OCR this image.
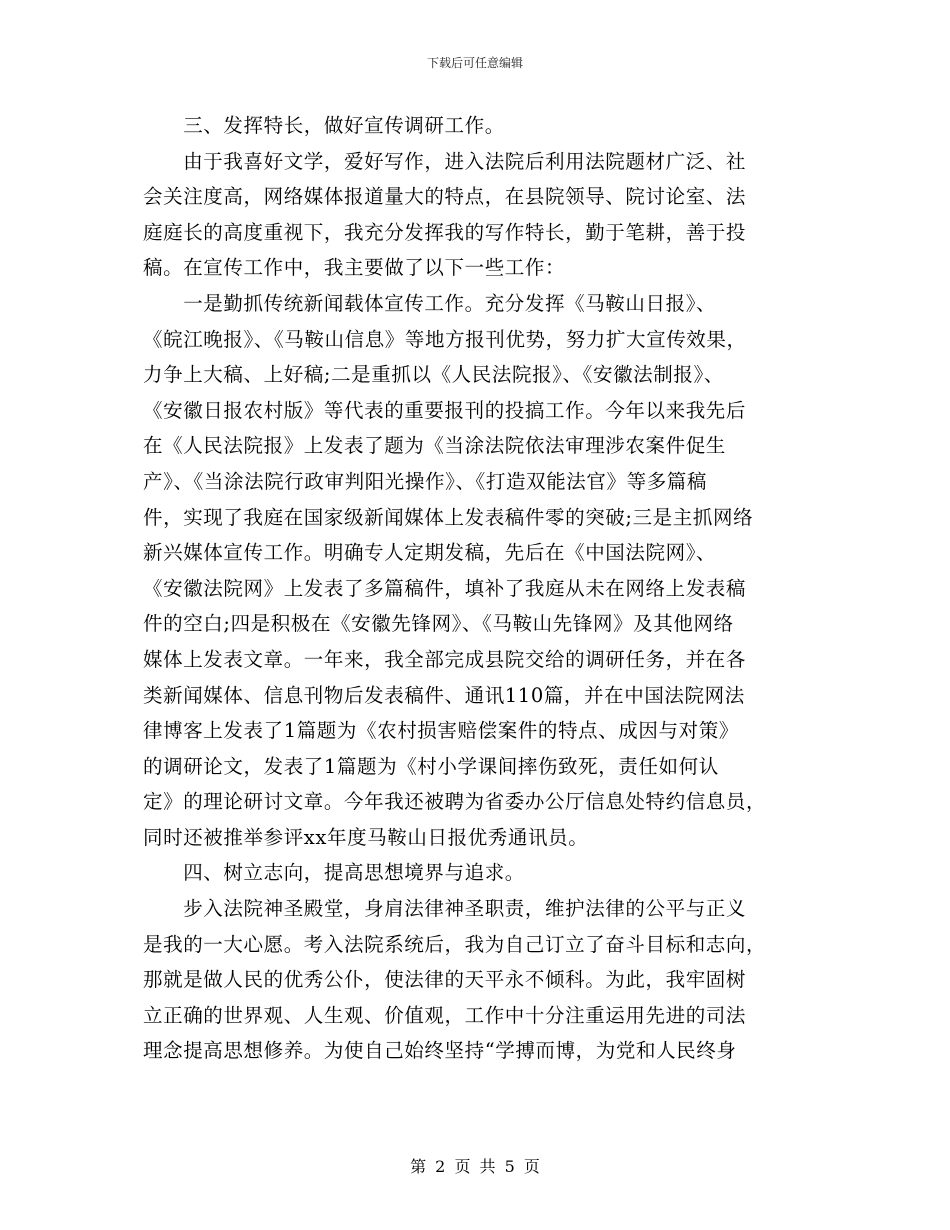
下载后可任意编辑
　　三、发挥特长，做好宣传调研工作。
　　由于我喜好文学，爱好写作，进入法院后利用法院题材广泛、社
会关注度高，网络媒体报道量大的特点，在县院领导、院讨论室、法
庭庭长的高度重视下，我充分发挥我的写作特长，勤于笔耕，善于投
稿。在宣传工作中，我主要做了以下一些工作：
　　一是勤抓传统新闻载体宣传工作。充分发挥《马鞍山日报》、
《皖江晚报》、《马鞍山信息》等地方报刊优势，努力扩大宣传效果，
力争上大稿、上好稿;二是重抓以《人民法院报》、《安徽法制报》、
《安徽日报农村版》等代表的重要报刊的投搞工作。今年以来我先后
在《人民法院报》上发表了题为《当涂法院依法审理涉农案件促生
产》、《当涂法院行政审判阳光操作》、《打造双能法官》等多篇稿
件，实现了我庭在国家级新闻媒体上发表稿件零的突破;三是主抓网络
新兴媒体宣传工作。明确专人定期发稿，先后在《中国法院网》、
《安徽法院网》上发表了多篇稿件，填补了我庭从未在网络上发表稿
件的空白;四是积极在《安徽先锋网》、《马鞍山先锋网》及其他网络
媒体上发表文章。一年来，我全部完成县院交给的调研任务，并在各
类新闻媒体、信息刊物后发表稿件、通讯110篇，并在中国法院网法
律博客上发表了1篇题为《农村损害赔偿案件的特点、成因与对策》
的调研论文，发表了1篇题为《村小学课间摔伤致死，责任如何认
定》的理论研讨文章。今年我还被聘为省委办公厅信息处特约信息员，
同时还被推举参评xx年度马鞍山日报优秀通讯员。
　　四、树立志向，提高思想境界与追求。
　　步入法院神圣殿堂，身肩法律神圣职责，维护法律的公平与正义
是我的一大心愿。考入法院系统后，我为自己订立了奋斗目标和志向，
那就是做人民的优秀公仆，使法律的天平永不倾科。为此，我牢固树
立正确的世界观、人生观、价值观，工作中十分注重运用先进的司法
理念提高思想修养。为使自己始终坚持“学搏而博，为党和人民终身
第 2 页 共 5 页
